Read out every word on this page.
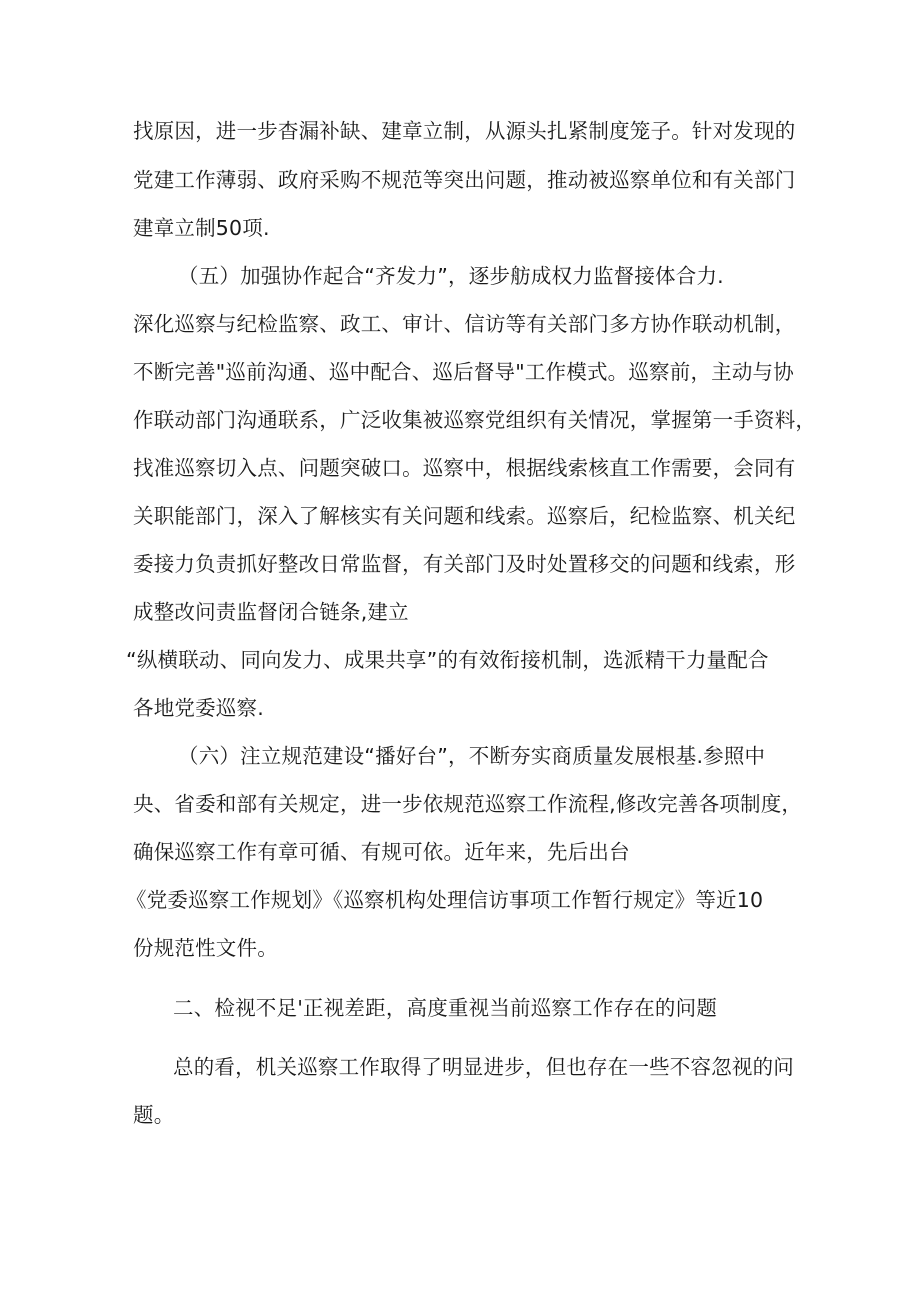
找原因，进一步杳漏补缺、建章立制，从源头扎紧制度笼子。针对发现的
党建工作薄弱、政府采购不规范等突出问题，推动被巡察单位和有关部门
建章立制50项.
（五）加强协作起合“齐发力”，逐步舫成权力监督接体合力.
深化巡察与纪检监察、政工、审计、信访等有关部门多方协作联动机制，
不断完善"巡前沟通、巡中配合、巡后督导"工作模式。巡察前，主动与协
作联动部门沟通联系，广泛收集被巡察党组织有关情况，掌握第一手资料，
找准巡察切入点、问题突破口。巡察中，根据线索核直工作需要，会同有
关职能部门，深入了解核实有关问题和线索。巡察后，纪检监察、机关纪
委接力负责抓好整改日常监督，有关部门及时处置移交的问题和线索，形
成整改问责监督闭合链条,建立
“纵横联动、同向发力、成果共享”的有效衔接机制，选派精干力量配合
各地党委巡察.
（六）注立规范建设“播好台”，不断夯实商质量发展根基.参照中
央、省委和部有关规定，进一步依规范巡察工作流程,修改完善各项制度，
确保巡察工作有章可循、有规可依。近年来，先后出台
《党委巡察工作规划》《巡察机构处理信访事项工作暂行规定》等近10
份规范性文件。
二、检视不足'正视差距，高度重视当前巡察工作存在的问题
总的看，机关巡察工作取得了明显进步，但也存在一些不容忽视的问
题。
